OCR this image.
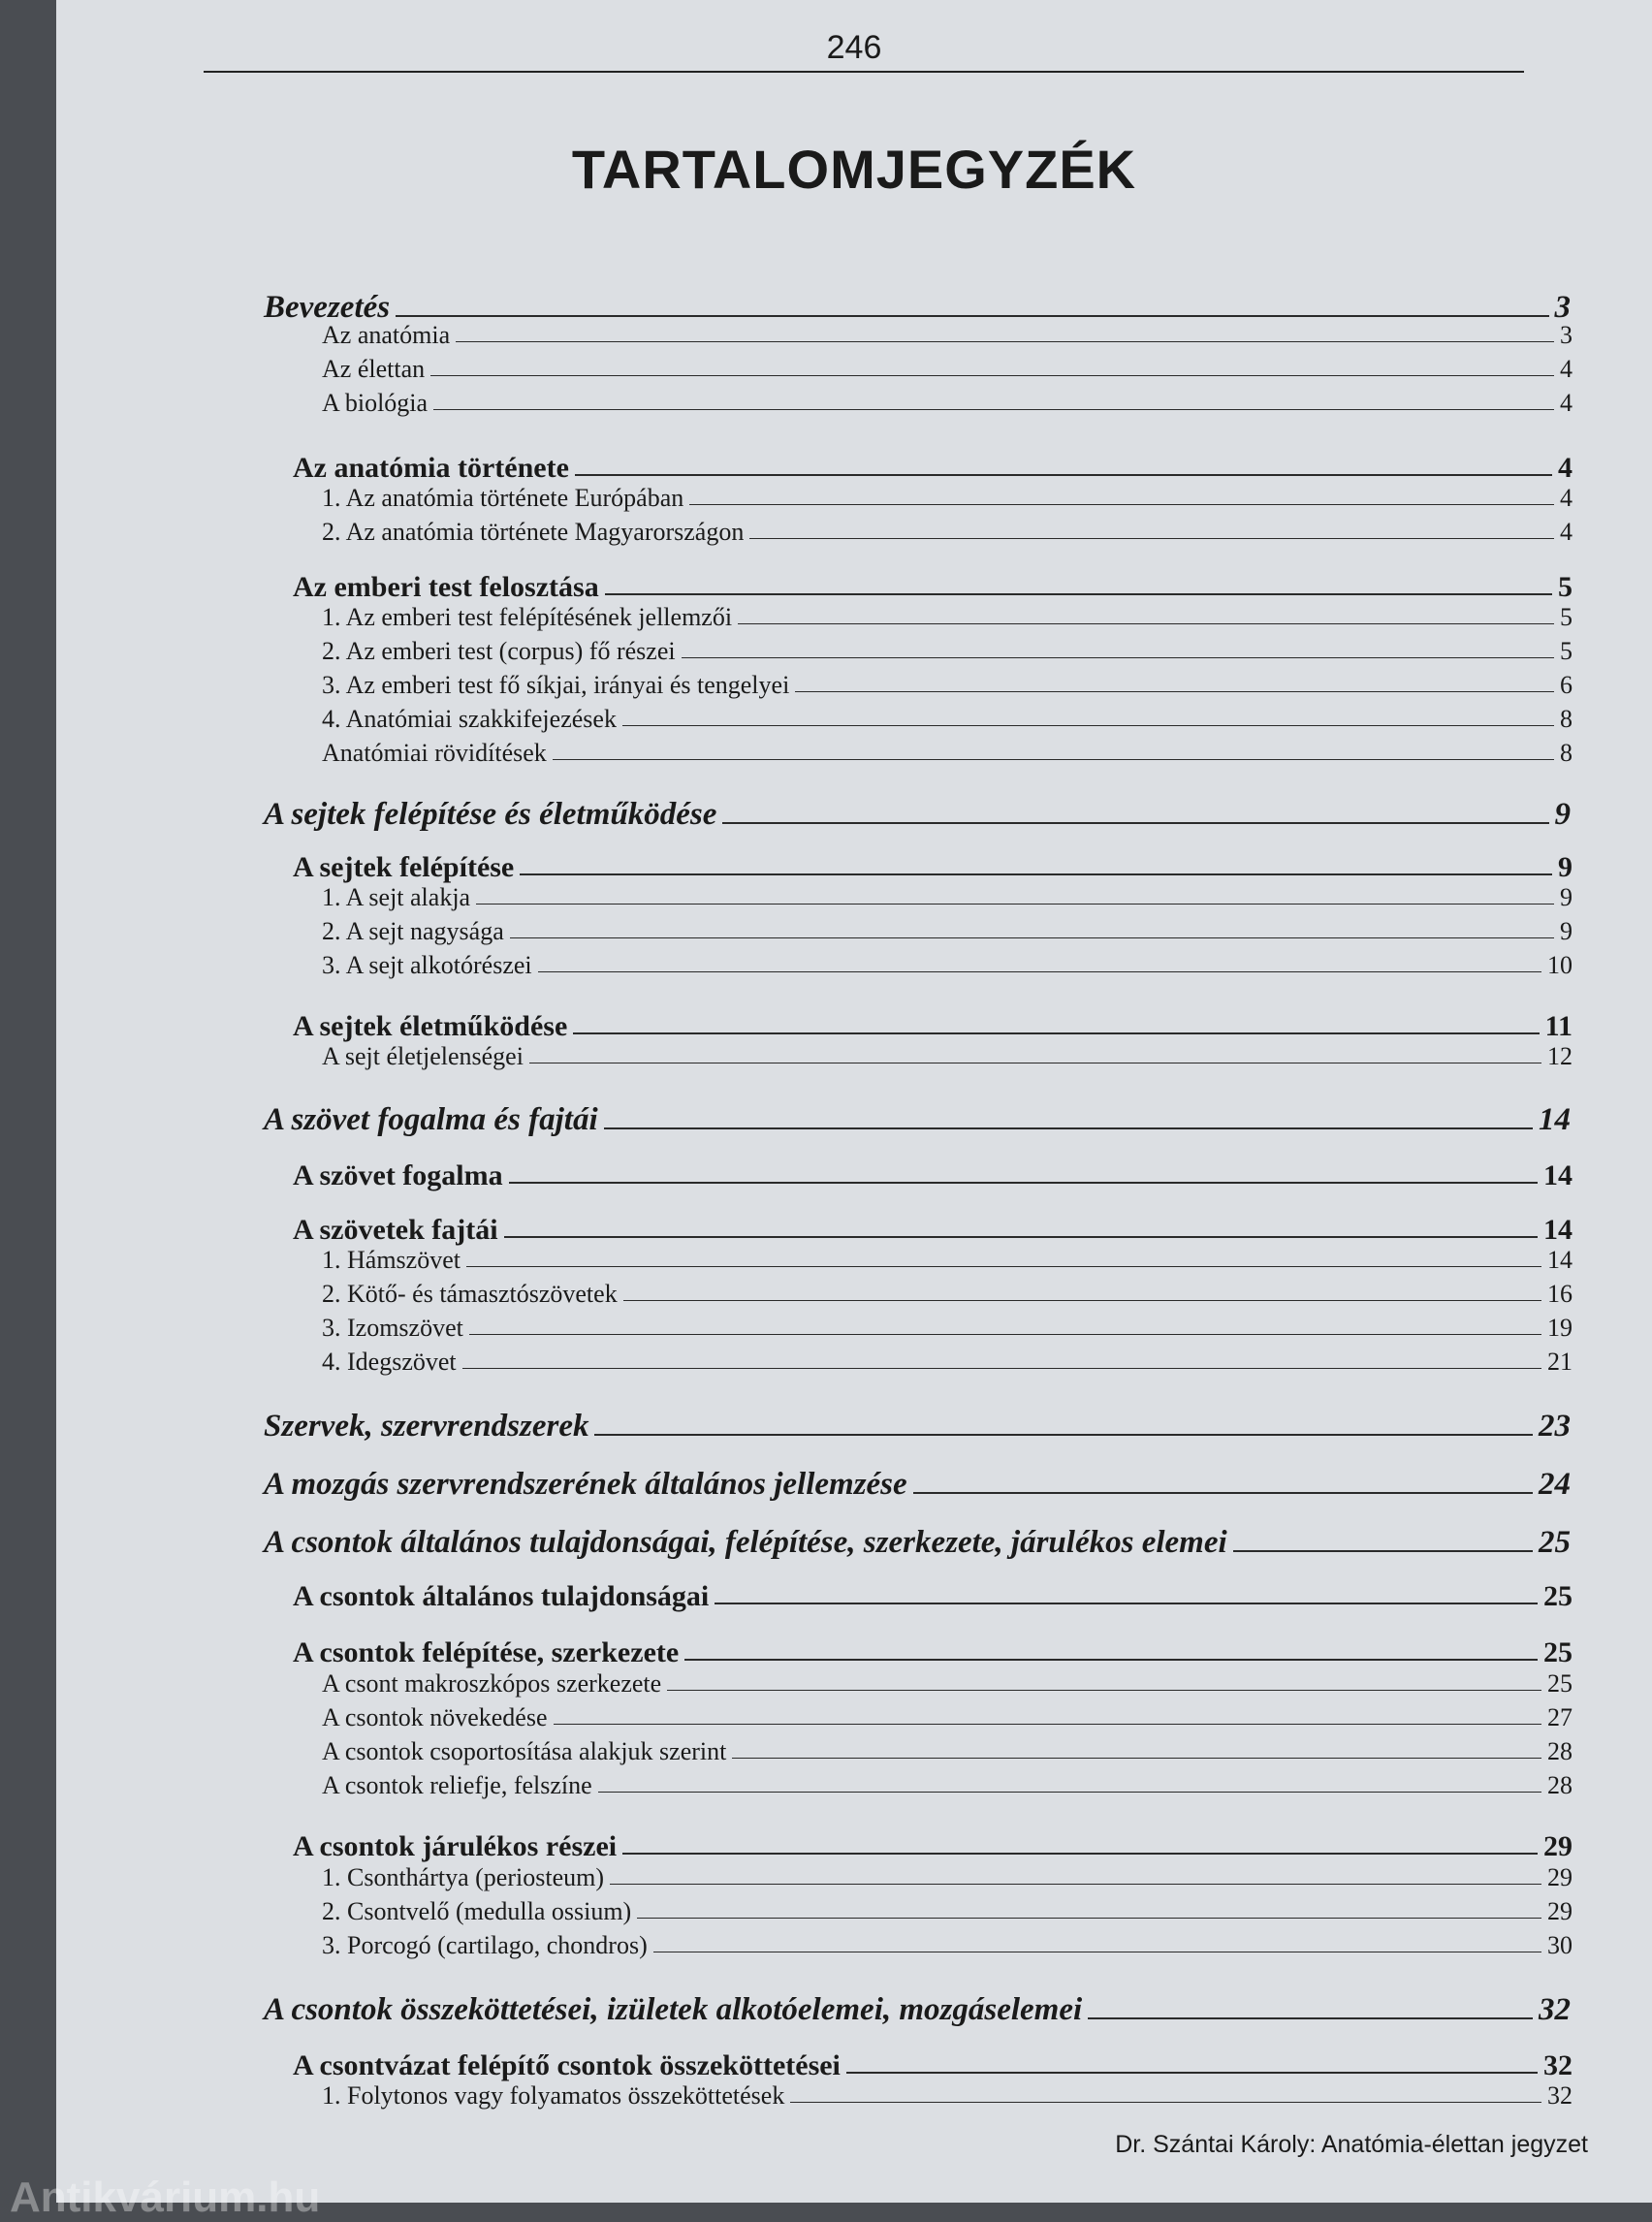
246
TARTALOMJEGYZÉK
Bevezetés	3
Az anatómia	3
Az élettan	4
A biológia	4
Az anatómia története	4
1. Az anatómia története Európában	4
2. Az anatómia története Magyarországon	4
Az emberi test felosztása	5
1. Az emberi test felépítésének jellemzői	5
2. Az emberi test (corpus) fő részei	5
3. Az emberi test fő síkjai, irányai és tengelyei	6
4. Anatómiai szakkifejezések	8
Anatómiai rövidítések	8
A sejtek felépítése és életműködése	9
A sejtek felépítése	9
1. A sejt alakja	9
2. A sejt nagysága	9
3. A sejt alkotórészei	10
A sejtek életműködése	11
A sejt életjelenségei	12
A szövet fogalma és fajtái	14
A szövet fogalma	14
A szövetek fajtái	14
1. Hámszövet	14
2. Kötő- és támasztószövetek	16
3. Izomszövet	19
4. Idegszövet	21
Szervek, szervrendszerek	23
A mozgás szervrendszerének általános jellemzése	24
A csontok általános tulajdonságai, felépítése, szerkezete, járulékos elemei	25
A csontok általános tulajdonságai	25
A csontok felépítése, szerkezete	25
A csont makroszkópos szerkezete	25
A csontok növekedése	27
A csontok csoportosítása alakjuk szerint	28
A csontok reliefje, felszíne	28
A csontok járulékos részei	29
1. Csonthártya (periosteum)	29
2. Csontvelő (medulla ossium)	29
3. Porcogó (cartilago, chondros)	30
A csontok összeköttetései, izületek alkotóelemei, mozgáselemei	32
A csontvázat felépítő csontok összeköttetései	32
1. Folytonos vagy folyamatos összeköttetések	32
Dr. Szántai Károly: Anatómia-élettan jegyzet
Antikvárium.hu
